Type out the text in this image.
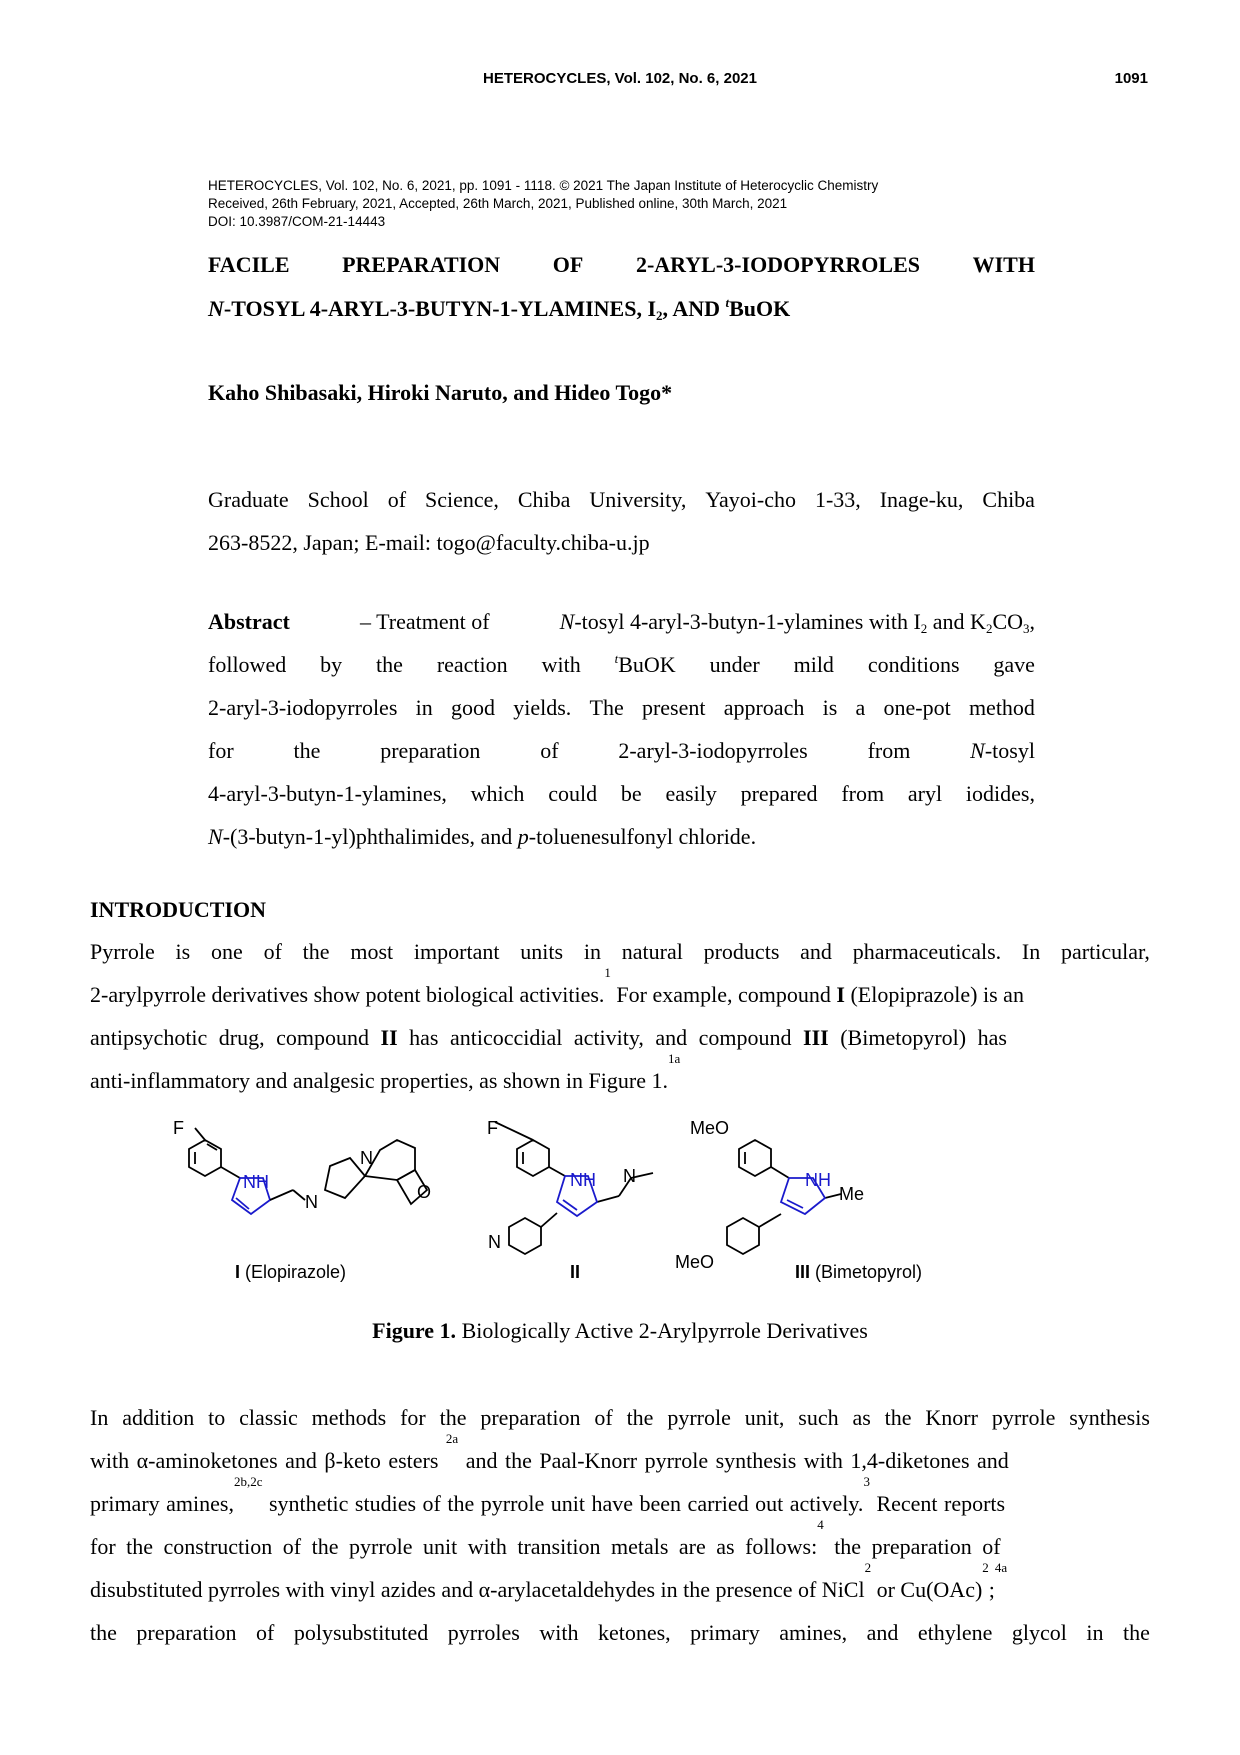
HETEROCYCLES, Vol. 102, No. 6, 2021	1091
HETEROCYCLES, Vol. 102, No. 6, 2021, pp. 1091 - 1118. © 2021 The Japan Institute of Heterocyclic Chemistry
Received, 26th February, 2021, Accepted, 26th March, 2021, Published online, 30th March, 2021
DOI: 10.3987/COM-21-14443
FACILE PREPARATION OF 2-ARYL-3-IODOPYRROLES WITH
N-TOSYL 4-ARYL-3-BUTYN-1-YLAMINES, $I_2$, AND $^t$BuOK
Kaho Shibasaki, Hiroki Naruto, and Hideo Togo*
Graduate School of Science, Chiba University, Yayoi-cho 1-33, Inage-ku, Chiba
263-8522, Japan; E-mail: togo@faculty.chiba-u.jp
Abstract	– Treatment of	N-tosyl 4-aryl-3-butyn-1-ylamines with $I_2$ and $K_2CO_3$,
followed by the reaction with	$^t$BuOK under mild conditions gave
2-aryl-3-iodopyrroles in good yields. The present approach is a one-pot method
for	the	preparation	of	2-aryl-3-iodopyrroles	from	N-tosyl
4-aryl-3-butyn-1-ylamines, which could be easily prepared from aryl iodides,
N -(3-butyn-1-yl)phthalimides, and p -toluenesulfonyl chloride.
INTRODUCTION
Pyrrole is one of the most important units in natural products and pharmaceuticals. In particular,
2-arylpyrrole derivatives show potent biological activities.
1
For example, compound I (Elopiprazole) is an
antipsychotic drug, compound II has anticoccidial activity, and compound III (Bimetopyrol) has
anti-inflammatory and analgesic properties, as shown in Figure 1.
1a
F
NH
N
N
O
I (Elopirazole)
F
NH N
N
II
MeO
NH
Me
MeO	III (Bimetopyrol)
Figure 1. Biologically Active 2-Arylpyrrole Derivatives
In addition to classic methods for the preparation of the pyrrole unit, such as the Knorr pyrrole synthesis
with α-aminoketones and β-keto esters
2a
and the Paal-Knorr pyrrole synthesis with 1,4-diketones and
primary amines,
2b,2c
synthetic studies of the pyrrole unit have been carried out actively.
3
Recent reports
for the construction of the pyrrole unit with transition metals are as follows:
4
the preparation of
disubstituted pyrroles with vinyl azides and α-arylacetaldehydes in the presence of NiCl
2
or Cu(OAc)
2
;
4a
the preparation of polysubstituted pyrroles with ketones, primary amines, and ethylene glycol in the
